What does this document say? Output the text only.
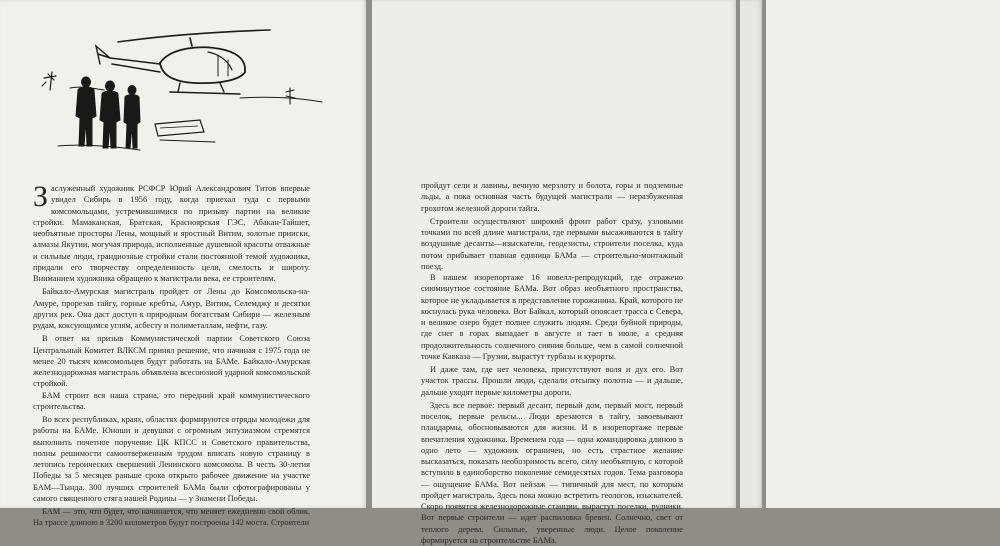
Заслуженный художник РСФСР Юрий Александрович Титов впервые увидел Сибирь в 1956 году, когда приехал туда с первыми комсомольцами, устремившимися по призыву партии на великие стройки. Мамаканская, Братская, Красноярская ГЭС, Абакан-Тайшет, необъятные просторы Лены, мощный и яростный Витим, золотые прииски, алмазы Якутии, могучая природа, исполненные душевной красоты отважные и сильные люди, грандиозные стройки стали постоянной темой художника, придали его творчеству определенность цели, смелость и широту. Вниманием художника обращено к магистрали века, ее строителям.

Байкало-Амурская магистраль пройдет от Лены до Комсомольска-на-Амуре, прорезав тайгу, горные кребты, Амур, Витим, Селемджу и десятки других рек. Она даст доступ к природным богатствам Сибири — железным рудам, кокcующимся углям, асбесту и полиметаллам, нефти, газу.

В ответ на призыв Коммунистической партии Советского Союза Центральный Комитет ВЛКСМ принял решение, что начиная с 1975 года не менее 20 тысяч комсомольцев будут работать на БАМе. Байкало-Амурская железнодорожная магистраль объявлена всесоюзной ударной комсомольской стройкой.

БАМ строит вся наша страна, это передний край коммунистического строительства.

Во всех республиках, краях, областях формируются отряды молодежи для работы на БАМе. Юноши и девушки с огромным энтузиазмом стремятся выполнить почетное поручение ЦК КПСС и Советского правительства, полны решимости самоотверженным трудом вписать новую страницу в летопись героических свершений Ленинского комсомола. В честь 30-летия Победы за 5 месяцев раньше срока открыто рабочее движение на участке БАМ—Тында. 300 лучших строителей БАМа были сфотографированы у самого священного стяга нашей Родины — у Знамени Победы.

БАМ — это, что будет, что начинается, что меняет ежедневно свой облик. На трассе длиною в 3200 километров будут построены 142 моста. Строители

пройдут сели и лавины, вечную мерзлоту и болота, горы и подземные льды, а пока основная часть будущей магистрали — неразбуженная грохотом железной дороги тайга.

Строители осуществляют широкий фронт работ сразу, узловыми точками по всей длине магистрали, где первыми высаживаются в тайгу воздушные десанты—изыскатели, геодезисты, строители поселка, куда потом прибывает главная единица БАМа — строительно-монтажный поезд.

В нашем изорепортаже 16 новелл-репродукций, где отражено сиюминутное состояние БАМа. Вот образ необъятного пространства, которое не укладывается в представление горожанина. Край, которого не коснулась рука человека. Вот Байкал, который опоясает трасса с Севера, и великое озеро будет полнее служить людям. Среди буйной природы, где снег в горах выпадает в августе и тает в июле, а средняя продолжительность солнечного сияния больше, чем в самой солнечной точке Кавказа — Грузии, вырастут турбазы и курорты.

И даже там, где нет человека, присутствуют воля и дух его. Вот участок трассы. Прошли люди, сделали отсыпку полотна — и дальше, дальше уходят первые километры дороги.

Здесь все первое: первый десант, первый дом, первый мост, первый поселок, первые рельсы... Люди врезаются в тайгу, завоевывают плацдармы, обосновываются для жизни. И в изорепортаже первые впечатления художника. Временем года — одна командировка длиною в одно лето — художник ограничен, но есть страстное желание высказаться, показать необозримость всего, силу необъятную, с которой вступило в единоборство поколение семидесятых годов. Тема разговора — ощущение БАМа. Вот пейзаж — типичный для мест, по которым пройдет магистраль. Здесь пока можно встретить геологов, изыскателей. Скоро появятся железнодорожные станции, вырастут поселки, рудники. Вот первые строители — идет распиловка бревен. Солнечно, свет от теплого дерева. Сильные, уверенные люди. Целое поколение формируется на строительстве БАМа.
